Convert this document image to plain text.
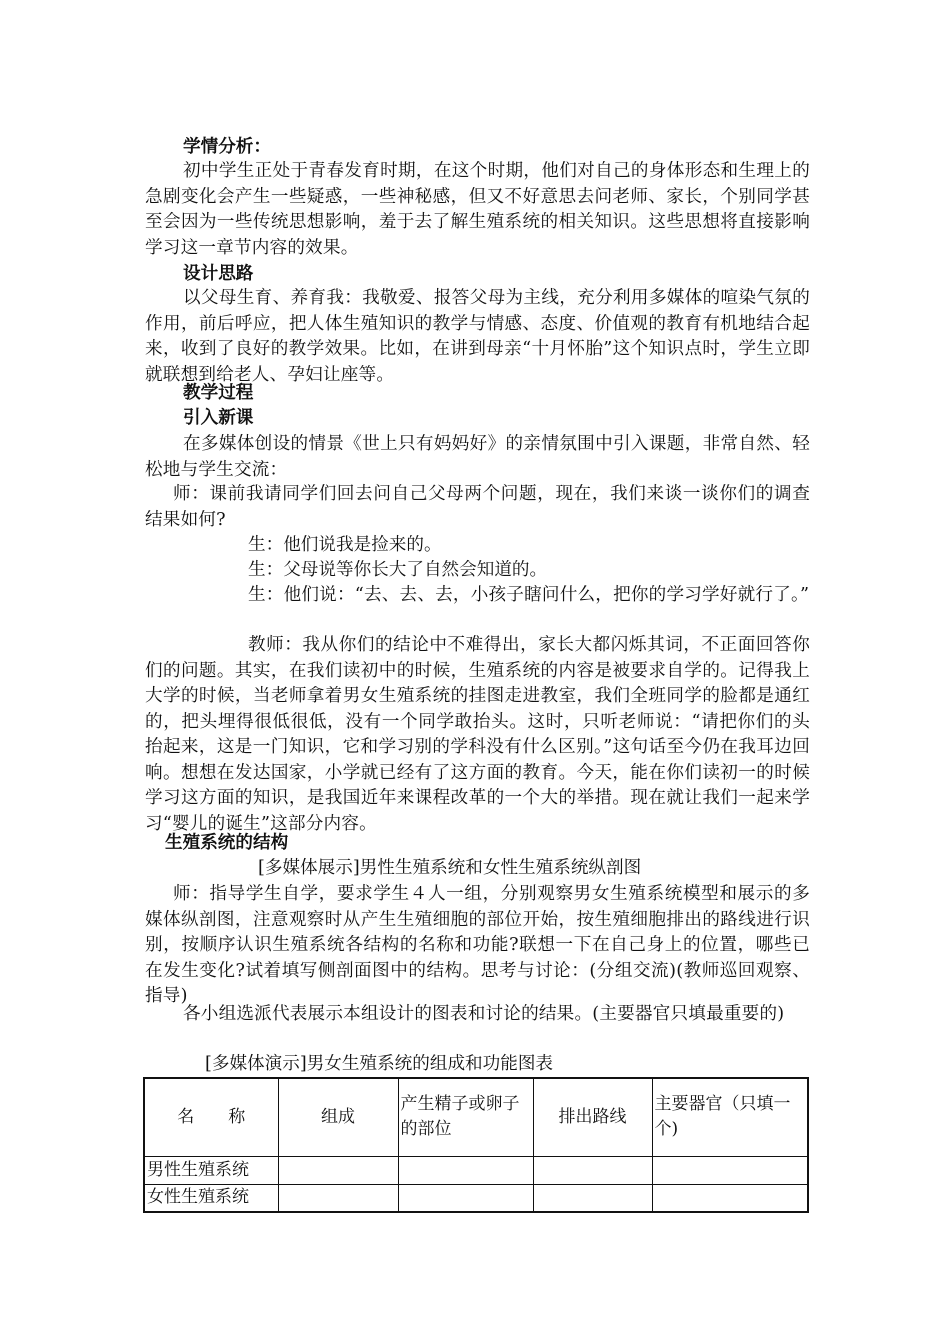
学情分析：

初中学生正处于青春发育时期，在这个时期，他们对自己的身体形态和生理上的急剧变化会产生一些疑惑，一些神秘感，但又不好意思去问老师、家长，个别同学甚至会因为一些传统思想影响，羞于去了解生殖系统的相关知识。这些思想将直接影响学习这一章节内容的效果。

设计思路

以父母生育、养育我：我敬爱、报答父母为主线，充分利用多媒体的喧染气氛的作用，前后呼应，把人体生殖知识的教学与情感、态度、价值观的教育有机地结合起来，收到了良好的教学效果。比如，在讲到母亲“十月怀胎”这个知识点时，学生立即就联想到给老人、孕妇让座等。

教学过程

引入新课

在多媒体创设的情景《世上只有妈妈好》的亲情氛围中引入课题，非常自然、轻松地与学生交流：

师：课前我请同学们回去问自己父母两个问题，现在，我们来谈一谈你们的调查结果如何?

生：他们说我是捡来的。

生：父母说等你长大了自然会知道的。

生：他们说：“去、去、去，小孩子瞎问什么，把你的学习学好就行了。”

教师：我从你们的结论中不难得出，家长大都闪烁其词，不正面回答你们的问题。其实，在我们读初中的时候，生殖系统的内容是被要求自学的。记得我上大学的时候，当老师拿着男女生殖系统的挂图走进教室，我们全班同学的脸都是通红的，把头埋得很低很低，没有一个同学敢抬头。这时，只听老师说：“请把你们的头抬起来，这是一门知识，它和学习别的学科没有什么区别。”这句话至今仍在我耳边回响。想想在发达国家，小学就已经有了这方面的教育。今天，能在你们读初一的时候学习这方面的知识，是我国近年来课程改革的一个大的举措。现在就让我们一起来学习“婴儿的诞生”这部分内容。

生殖系统的结构

[多媒体展示]男性生殖系统和女性生殖系统纵剖图

师：指导学生自学，要求学生４人一组，分别观察男女生殖系统模型和展示的多媒体纵剖图，注意观察时从产生生殖细胞的部位开始，按生殖细胞排出的路线进行识别，按顺序认识生殖系统各结构的名称和功能?联想一下在自己身上的位置，哪些已在发生变化?试着填写侧剖面图中的结构。思考与讨论：(分组交流)(教师巡回观察、指导)

各小组选派代表展示本组设计的图表和讨论的结果。(主要器官只填最重要的)

[多媒体演示]男女生殖系统的组成和功能图表

名　　称	组成	产生精子或卵子的部位	排出路线	主要器官（只填一个)
男性生殖系统				
女性生殖系统				
